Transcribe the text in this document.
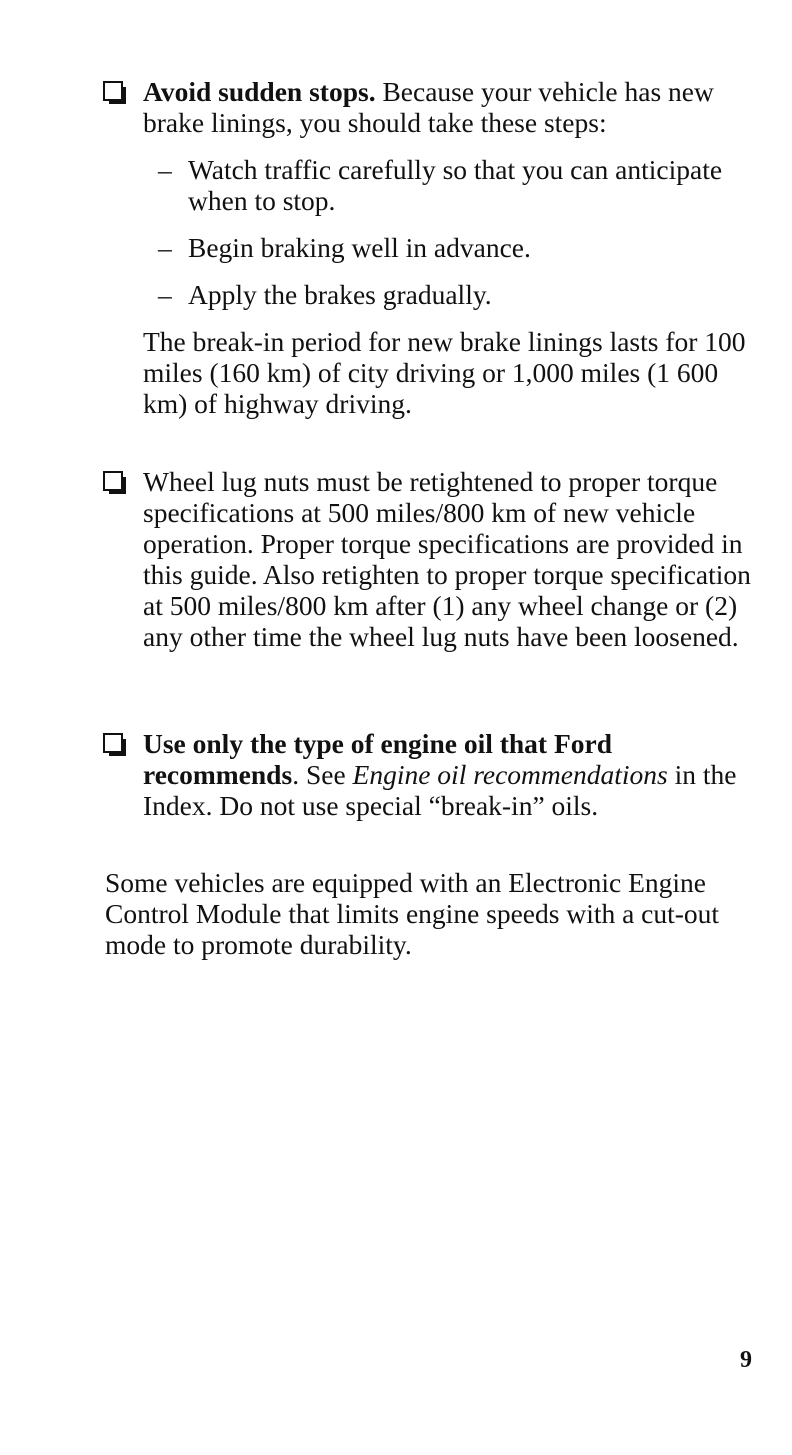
Avoid sudden stops. Because your vehicle has new brake linings, you should take these steps:
– Watch traffic carefully so that you can anticipate when to stop.
– Begin braking well in advance.
– Apply the brakes gradually.
The break-in period for new brake linings lasts for 100 miles (160 km) of city driving or 1,000 miles (1 600 km) of highway driving.
Wheel lug nuts must be retightened to proper torque specifications at 500 miles/800 km of new vehicle operation. Proper torque specifications are provided in this guide. Also retighten to proper torque specification at 500 miles/800 km after (1) any wheel change or (2) any other time the wheel lug nuts have been loosened.
Use only the type of engine oil that Ford recommends. See Engine oil recommendations in the Index. Do not use special “break-in” oils.
Some vehicles are equipped with an Electronic Engine Control Module that limits engine speeds with a cut-out mode to promote durability.
9
